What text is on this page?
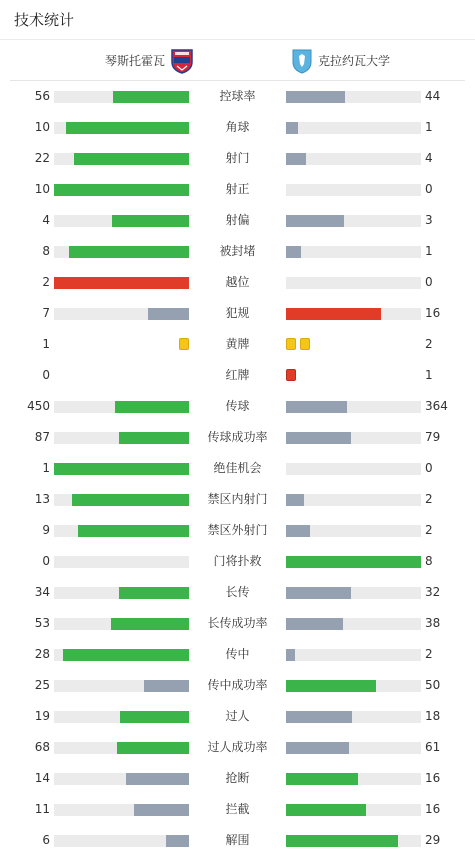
技术统计
琴斯托霍瓦	克拉约瓦大学
56	控球率	44
10	角球	1
22	射门	4
10	射正	0
4	射偏	3
8	被封堵	1
2	越位	0
7	犯规	16
1	黄牌	2
0	红牌	1
450	传球	364
87	传球成功率	79
1	绝佳机会	0
13	禁区内射门	2
9	禁区外射门	2
0	门将扑救	8
34	长传	32
53	长传成功率	38
28	传中	2
25	传中成功率	50
19	过人	18
68	过人成功率	61
14	抢断	16
11	拦截	16
6	解围	29
